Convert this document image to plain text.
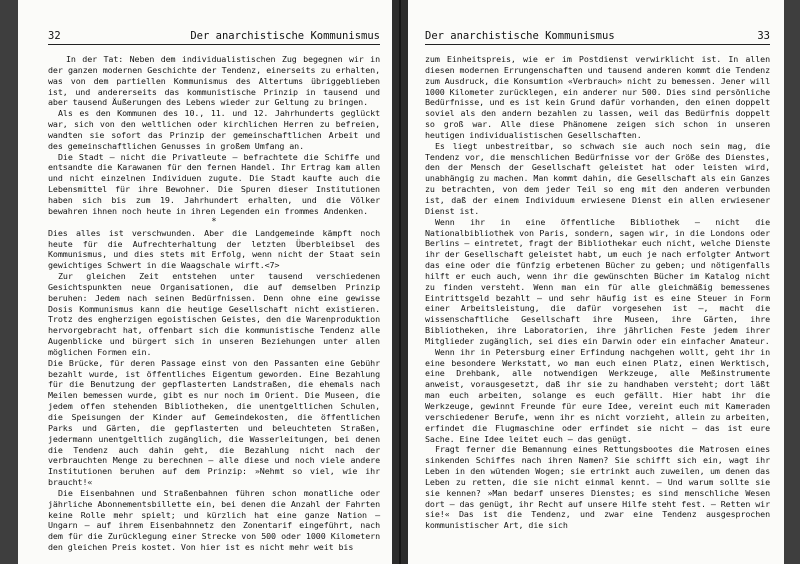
32	Der anarchistische Kommunismus

In der Tat: Neben dem individualistischen Zug begegnen wir in der ganzen modernen Geschichte der Tendenz, einerseits zu erhalten, was von dem partiellen Kommunismus des Altertums übriggeblieben ist, und andererseits das kommunistische Prinzip in tausend und aber tausend Äußerungen des Lebens wieder zur Geltung zu bringen.

Als es den Kommunen des 10., 11. und 12. Jahrhunderts geglückt war, sich von den weltlichen oder kirchlichen Herren zu befreien, wandten sie sofort das Prinzip der gemeinschaftlichen Arbeit und des gemeinschaftlichen Genusses in großem Umfang an.

Die Stadt – nicht die Privatleute – befrachtete die Schiffe und entsandte die Karawanen für den fernen Handel. Ihr Ertrag kam allen und nicht einzelnen Individuen zugute. Die Stadt kaufte auch die Lebensmittel für ihre Bewohner. Die Spuren dieser Institutionen haben sich bis zum 19. Jahrhundert erhalten, und die Völker bewahren ihnen noch heute in ihren Legenden ein frommes Andenken.

*

Dies alles ist verschwunden. Aber die Landgemeinde kämpft noch heute für die Aufrechterhaltung der letzten Überbleibsel des Kommunismus, und dies stets mit Erfolg, wenn nicht der Staat sein gewichtiges Schwert in die Waagschale wirft.<7>

Zur gleichen Zeit entstehen unter tausend verschiedenen Gesichtspunkten neue Organisationen, die auf demselben Prinzip beruhen: Jedem nach seinen Bedürfnissen. Denn ohne eine gewisse Dosis Kommunismus kann die heutige Gesellschaft nicht existieren. Trotz des engherzigen egoistischen Geistes, den die Warenproduktion hervorgebracht hat, offenbart sich die kommunistische Tendenz alle Augenblicke und bürgert sich in unseren Beziehungen unter allen möglichen Formen ein.

Die Brücke, für deren Passage einst von den Passanten eine Gebühr bezahlt wurde, ist öffentliches Eigentum geworden. Eine Bezahlung für die Benutzung der gepflasterten Landstraßen, die ehemals nach Meilen bemessen wurde, gibt es nur noch im Orient. Die Museen, die jedem offen stehenden Bibliotheken, die unentgeltlichen Schulen, die Speisungen der Kinder auf Gemeindekosten, die öffentlichen Parks und Gärten, die gepflasterten und beleuchteten Straßen, jedermann unentgeltlich zugänglich, die Wasserleitungen, bei denen die Tendenz auch dahin geht, die Bezahlung nicht nach der verbrauchten Menge zu berechnen – alle diese und noch viele andere Institutionen beruhen auf dem Prinzip: »Nehmt so viel, wie ihr braucht!«

Die Eisenbahnen und Straßenbahnen führen schon monatliche oder jährliche Abonnementsbillette ein, bei denen die Anzahl der Fahrten keine Rolle mehr spielt; und kürzlich hat eine ganze Nation – Ungarn – auf ihrem Eisenbahnnetz den Zonentarif eingeführt, nach dem für die Zurücklegung einer Strecke von 500 oder 1000 Kilometern den gleichen Preis kostet. Von hier ist es nicht mehr weit bis

Der anarchistische Kommunismus	33

zum Einheitspreis, wie er im Postdienst verwirklicht ist. In allen diesen modernen Errungenschaften und tausend anderen kommt die Tendenz zum Ausdruck, die Konsumtion «Verbrauch» nicht zu bemessen. Jener will 1000 Kilometer zurücklegen, ein anderer nur 500. Dies sind persönliche Bedürfnisse, und es ist kein Grund dafür vorhanden, den einen doppelt soviel als den andern bezahlen zu lassen, weil das Bedürfnis doppelt so groß war. Alle diese Phänomene zeigen sich schon in unseren heutigen individualistischen Gesellschaften.

Es liegt unbestreitbar, so schwach sie auch noch sein mag, die Tendenz vor, die menschlichen Bedürfnisse vor der Größe des Dienstes, den der Mensch der Gesellschaft geleistet hat oder leisten wird, unabhängig zu machen. Man kommt dahin, die Gesellschaft als ein Ganzes zu betrachten, von dem jeder Teil so eng mit den anderen verbunden ist, daß der einem Individuum erwiesene Dienst ein allen erwiesener Dienst ist.

Wenn ihr in eine öffentliche Bibliothek – nicht die Nationalbibliothek von Paris, sondern, sagen wir, in die Londons oder Berlins – eintretet, fragt der Bibliothekar euch nicht, welche Dienste ihr der Gesellschaft geleistet habt, um euch je nach erfolgter Antwort das eine oder die fünfzig erbetenen Bücher zu geben; und nötigenfalls hilft er euch auch, wenn ihr die gewünschten Bücher im Katalog nicht zu finden versteht. Wenn man ein für alle gleichmäßig bemessenes Eintrittsgeld bezahlt – und sehr häufig ist es eine Steuer in Form einer Arbeitsleistung, die dafür vorgesehen ist –, macht die wissenschaftliche Gesellschaft ihre Museen, ihre Gärten, ihre Bibliotheken, ihre Laboratorien, ihre jährlichen Feste jedem ihrer Mitglieder zugänglich, sei dies ein Darwin oder ein einfacher Amateur.

Wenn ihr in Petersburg einer Erfindung nachgehen wollt, geht ihr in eine besondere Werkstatt, wo man euch einen Platz, einen Werktisch, eine Drehbank, alle notwendigen Werkzeuge, alle Meßinstrumente anweist, vorausgesetzt, daß ihr sie zu handhaben versteht; dort läßt man euch arbeiten, solange es euch gefällt. Hier habt ihr die Werkzeuge, gewinnt Freunde für eure Idee, vereint euch mit Kameraden verschiedener Berufe, wenn ihr es nicht vorzieht, allein zu arbeiten, erfindet die Flugmaschine oder erfindet sie nicht – das ist eure Sache. Eine Idee leitet euch – das genügt.

Fragt ferner die Bemannung eines Rettungsbootes die Matrosen eines sinkenden Schiffes nach ihren Namen? Sie schifft sich ein, wagt ihr Leben in den wütenden Wogen; sie ertrinkt auch zuweilen, um denen das Leben zu retten, die sie nicht einmal kennt. – Und warum sollte sie sie kennen? »Man bedarf unseres Dienstes; es sind menschliche Wesen dort – das genügt, ihr Recht auf unsere Hilfe steht fest. – Retten wir sie!« Das ist die Tendenz, und zwar eine Tendenz ausgesprochen kommunistischer Art, die sich
